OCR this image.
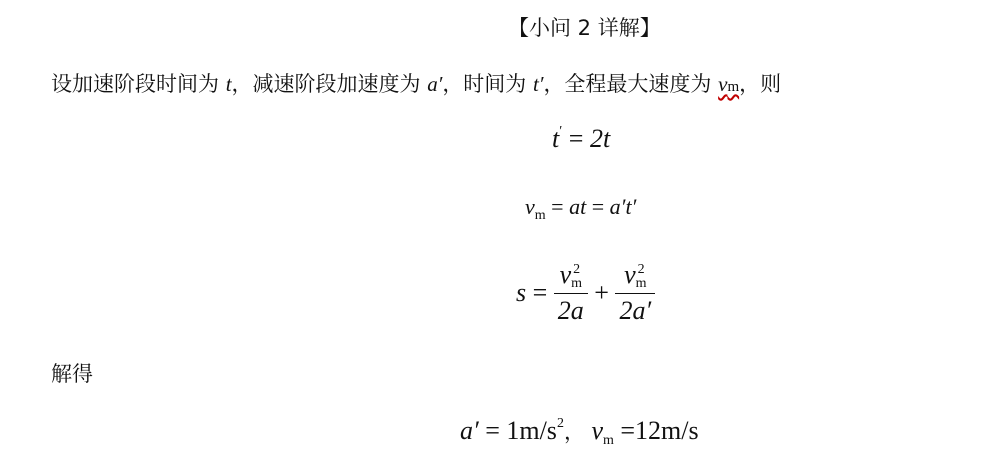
【小问 2 详解】
设加速阶段时间为 t，减速阶段加速度为 a′，时间为 t′，全程最大速度为 vm，则
t′ = 2t
$v_m$ = at = a′t′
s = v 2
m
2a + v 2
m
2a′
解得
$a' = 1m/s^2$， $v_m =12m/s$
